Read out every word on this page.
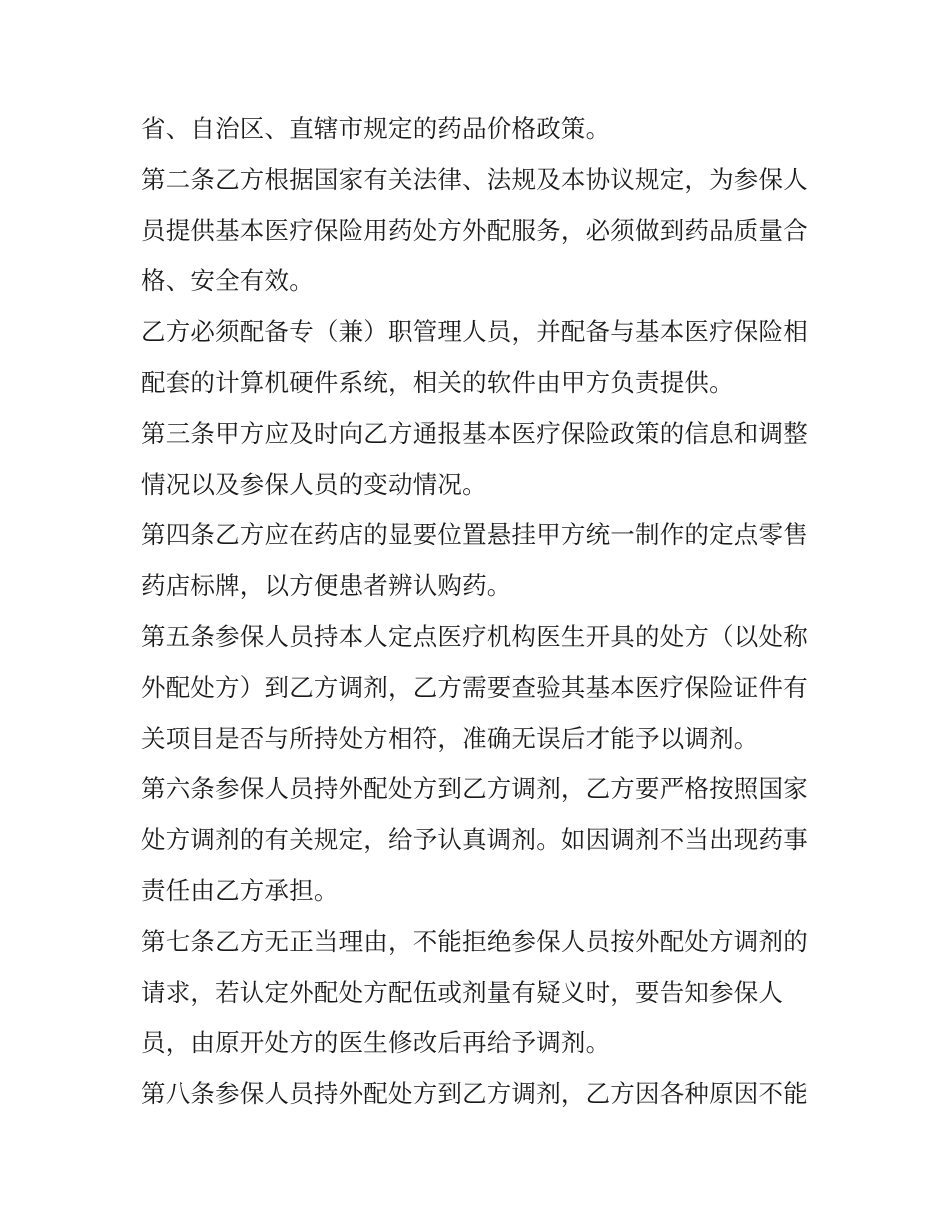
省、自治区、直辖市规定的药品价格政策。
第二条乙方根据国家有关法律、法规及本协议规定，为参保人
员提供基本医疗保险用药处方外配服务，必须做到药品质量合
格、安全有效。
乙方必须配备专（兼）职管理人员，并配备与基本医疗保险相
配套的计算机硬件系统，相关的软件由甲方负责提供。
第三条甲方应及时向乙方通报基本医疗保险政策的信息和调整
情况以及参保人员的变动情况。
第四条乙方应在药店的显要位置悬挂甲方统一制作的定点零售
药店标牌，以方便患者辨认购药。
第五条参保人员持本人定点医疗机构医生开具的处方（以处称
外配处方）到乙方调剂，乙方需要查验其基本医疗保险证件有
关项目是否与所持处方相符，准确无误后才能予以调剂。
第六条参保人员持外配处方到乙方调剂，乙方要严格按照国家
处方调剂的有关规定，给予认真调剂。如因调剂不当出现药事
责任由乙方承担。
第七条乙方无正当理由，不能拒绝参保人员按外配处方调剂的
请求，若认定外配处方配伍或剂量有疑义时，要告知参保人
员，由原开处方的医生修改后再给予调剂。
第八条参保人员持外配处方到乙方调剂，乙方因各种原因不能
